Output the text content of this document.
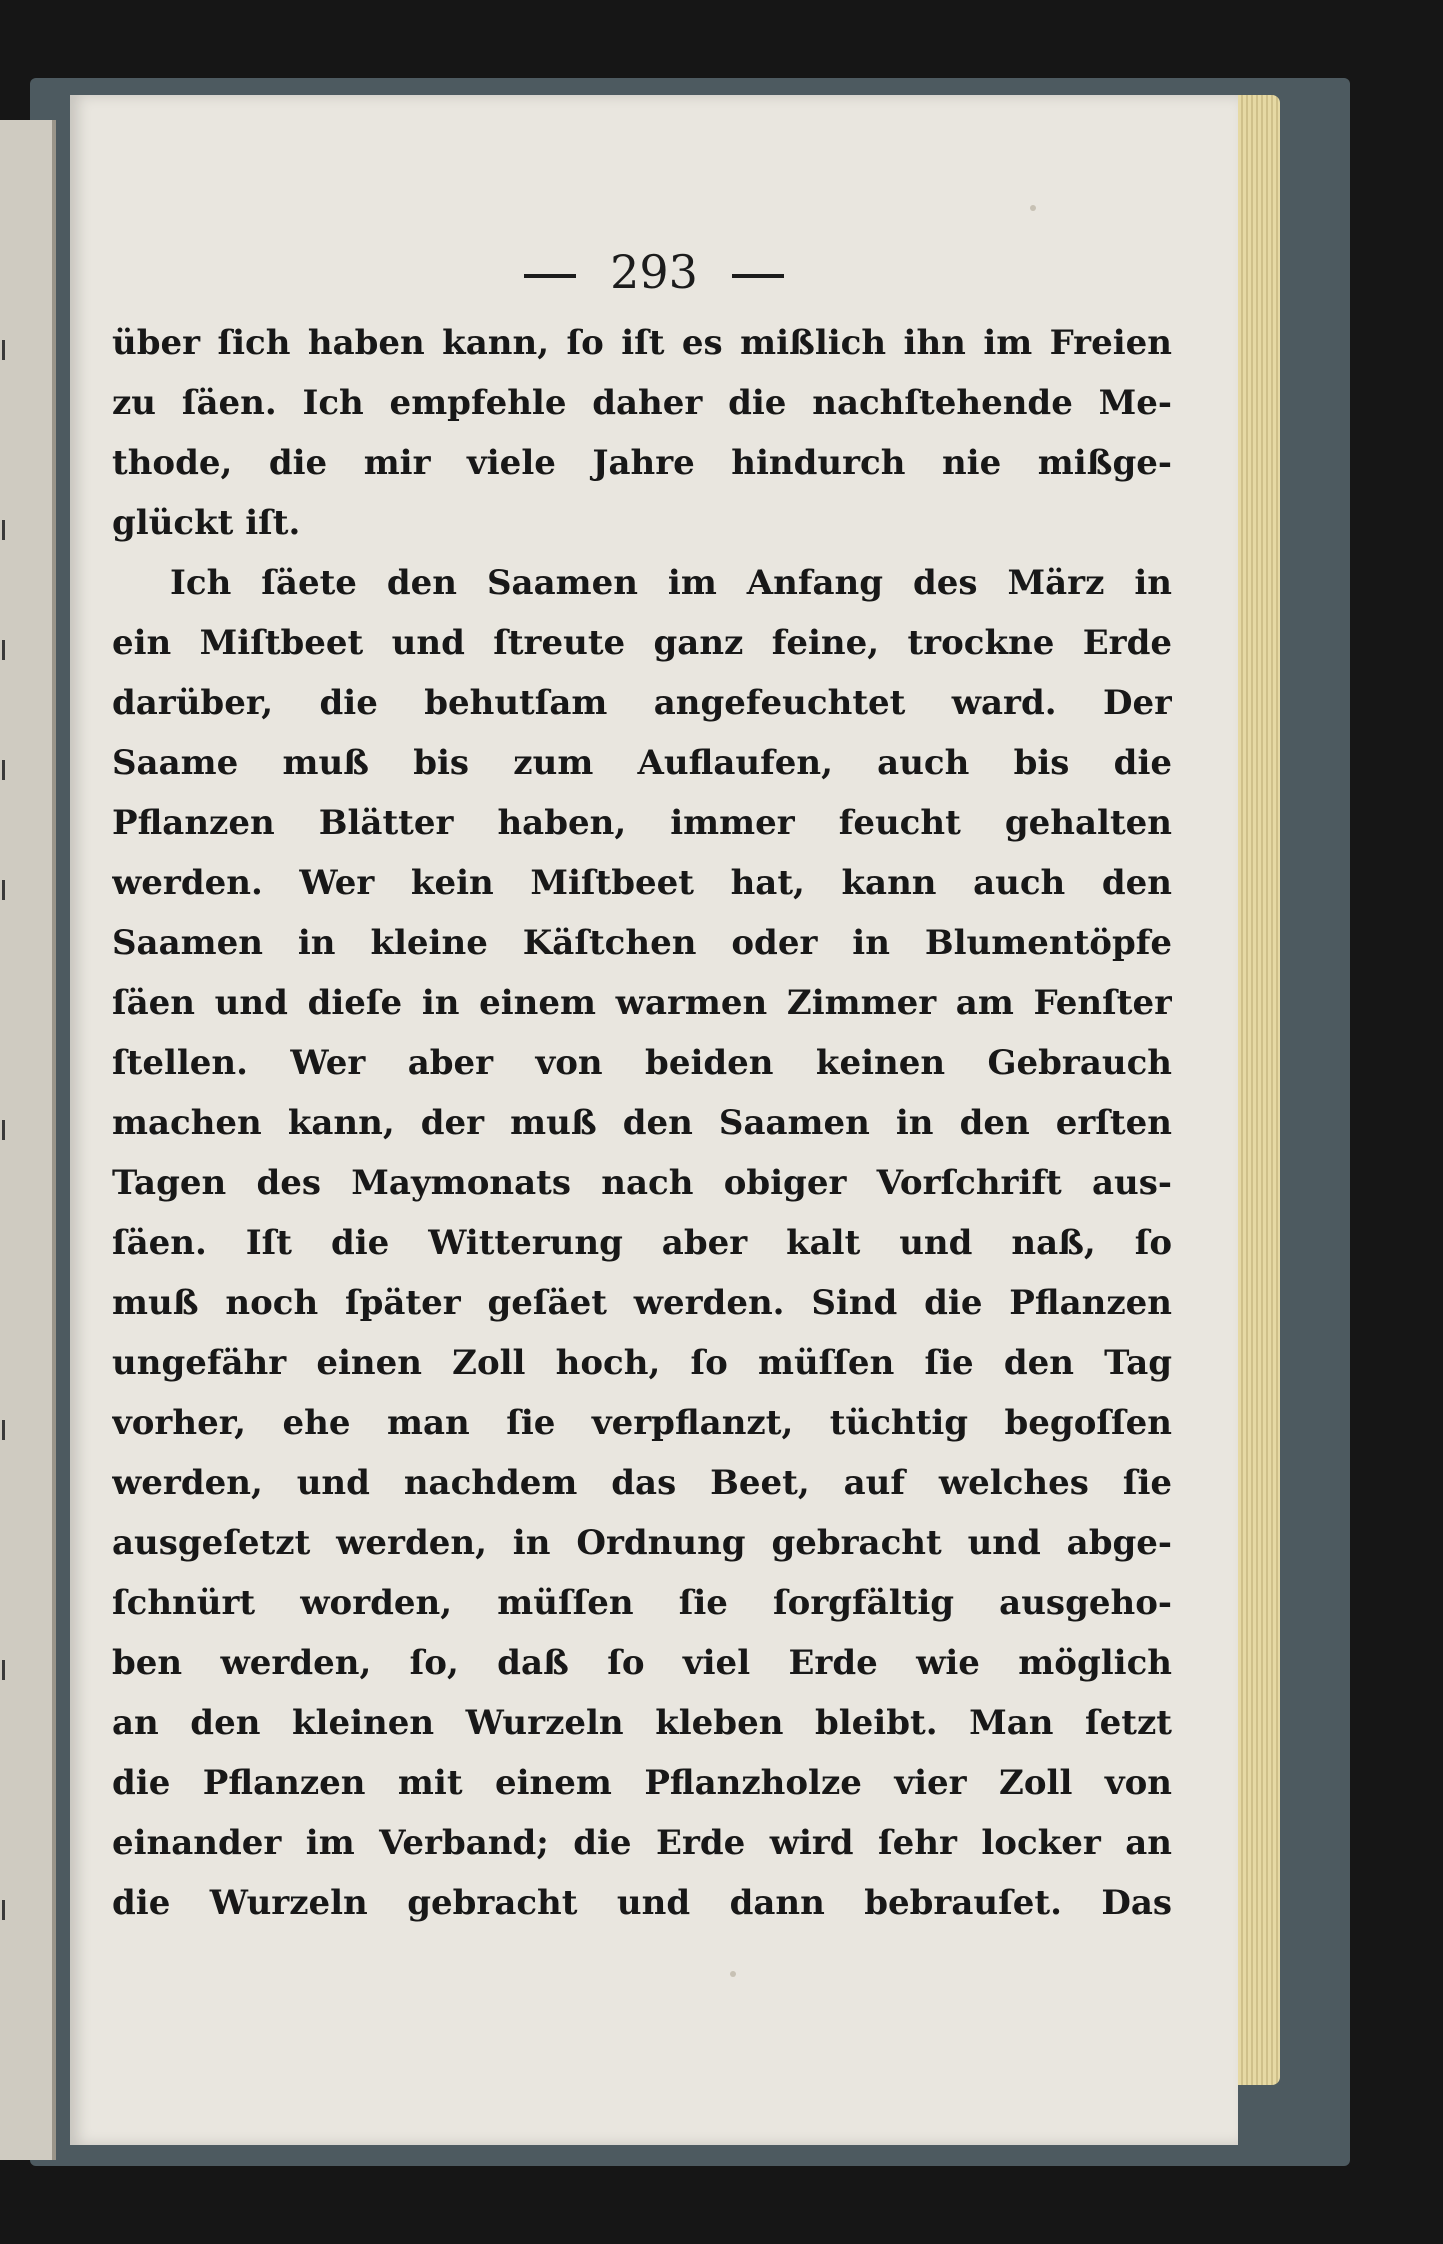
293
über ſich haben kann, ſo iſt es mißlich ihn im Freien
zu ſäen. Ich empfehle daher die nachſtehende Me-
thode, die mir viele Jahre hindurch nie mißge-
glückt iſt.
Ich ſäete den Saamen im Anfang des März in
ein Miſtbeet und ſtreute ganz feine, trockne Erde
darüber, die behutſam angefeuchtet ward. Der
Saame muß bis zum Auflaufen, auch bis die
Pflanzen Blätter haben, immer feucht gehalten
werden. Wer kein Miſtbeet hat, kann auch den
Saamen in kleine Käſtchen oder in Blumentöpfe
ſäen und dieſe in einem warmen Zimmer am Fenſter
ſtellen. Wer aber von beiden keinen Gebrauch
machen kann, der muß den Saamen in den erſten
Tagen des Maymonats nach obiger Vorſchrift aus-
ſäen. Iſt die Witterung aber kalt und naß, ſo
muß noch ſpäter geſäet werden. Sind die Pflanzen
ungefähr einen Zoll hoch, ſo müſſen ſie den Tag
vorher, ehe man ſie verpflanzt, tüchtig begoſſen
werden, und nachdem das Beet, auf welches ſie
ausgeſetzt werden, in Ordnung gebracht und abge-
ſchnürt worden, müſſen ſie ſorgfältig ausgeho-
ben werden, ſo, daß ſo viel Erde wie möglich
an den kleinen Wurzeln kleben bleibt. Man ſetzt
die Pflanzen mit einem Pflanzholze vier Zoll von
einander im Verband; die Erde wird ſehr locker an
die Wurzeln gebracht und dann bebrauſet. Das
